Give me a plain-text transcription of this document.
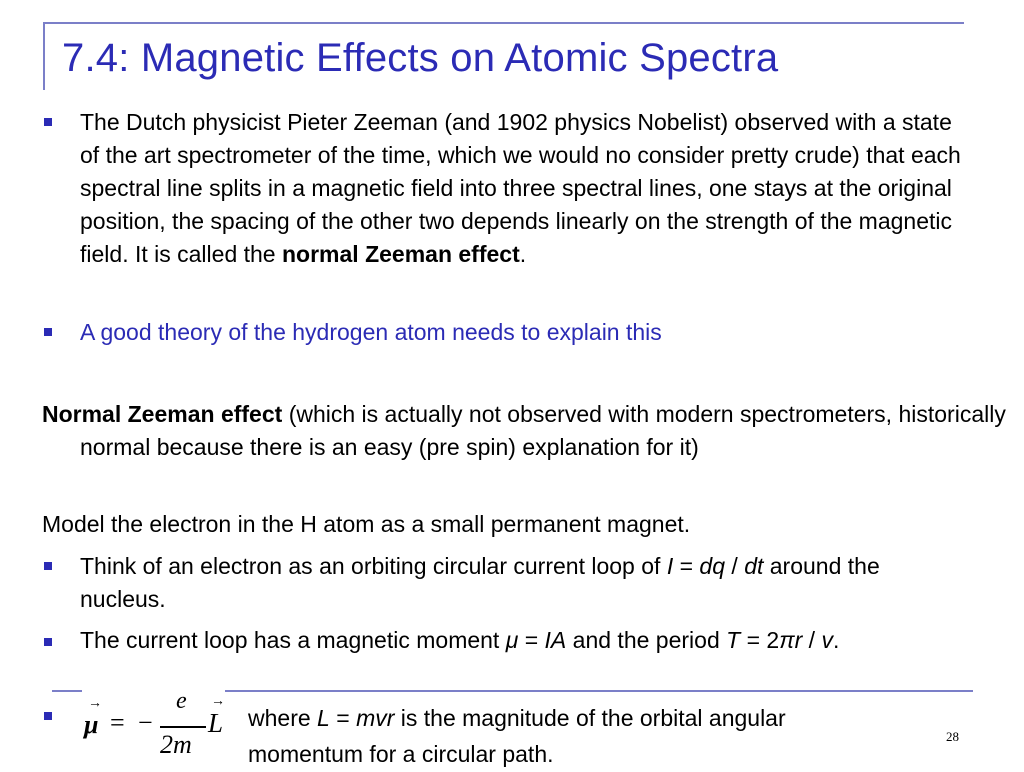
7.4: Magnetic Effects on Atomic Spectra
The Dutch physicist Pieter Zeeman (and 1902 physics Nobelist) observed with a state of the art spectrometer of the time, which we would no consider pretty crude) that each spectral line splits in a magnetic field into three spectral lines, one stays at the original position, the spacing of the other two depends linearly on the strength of the magnetic field. It is called the normal Zeeman effect.
A good theory of the hydrogen atom needs to explain this
Normal Zeeman effect (which is actually not observed with modern spectrometers, historically normal because there is an easy (pre spin) explanation for it)
Model the electron in the H atom as a small permanent magnet.
Think of an electron as an orbiting circular current loop of I = dq / dt around the nucleus.
The current loop has a magnetic moment μ = IA and the period T = 2πr / v.
→
μ = −
e
2m
→
L where L = mvr is the magnitude of the orbital angular momentum for a circular path.
28
